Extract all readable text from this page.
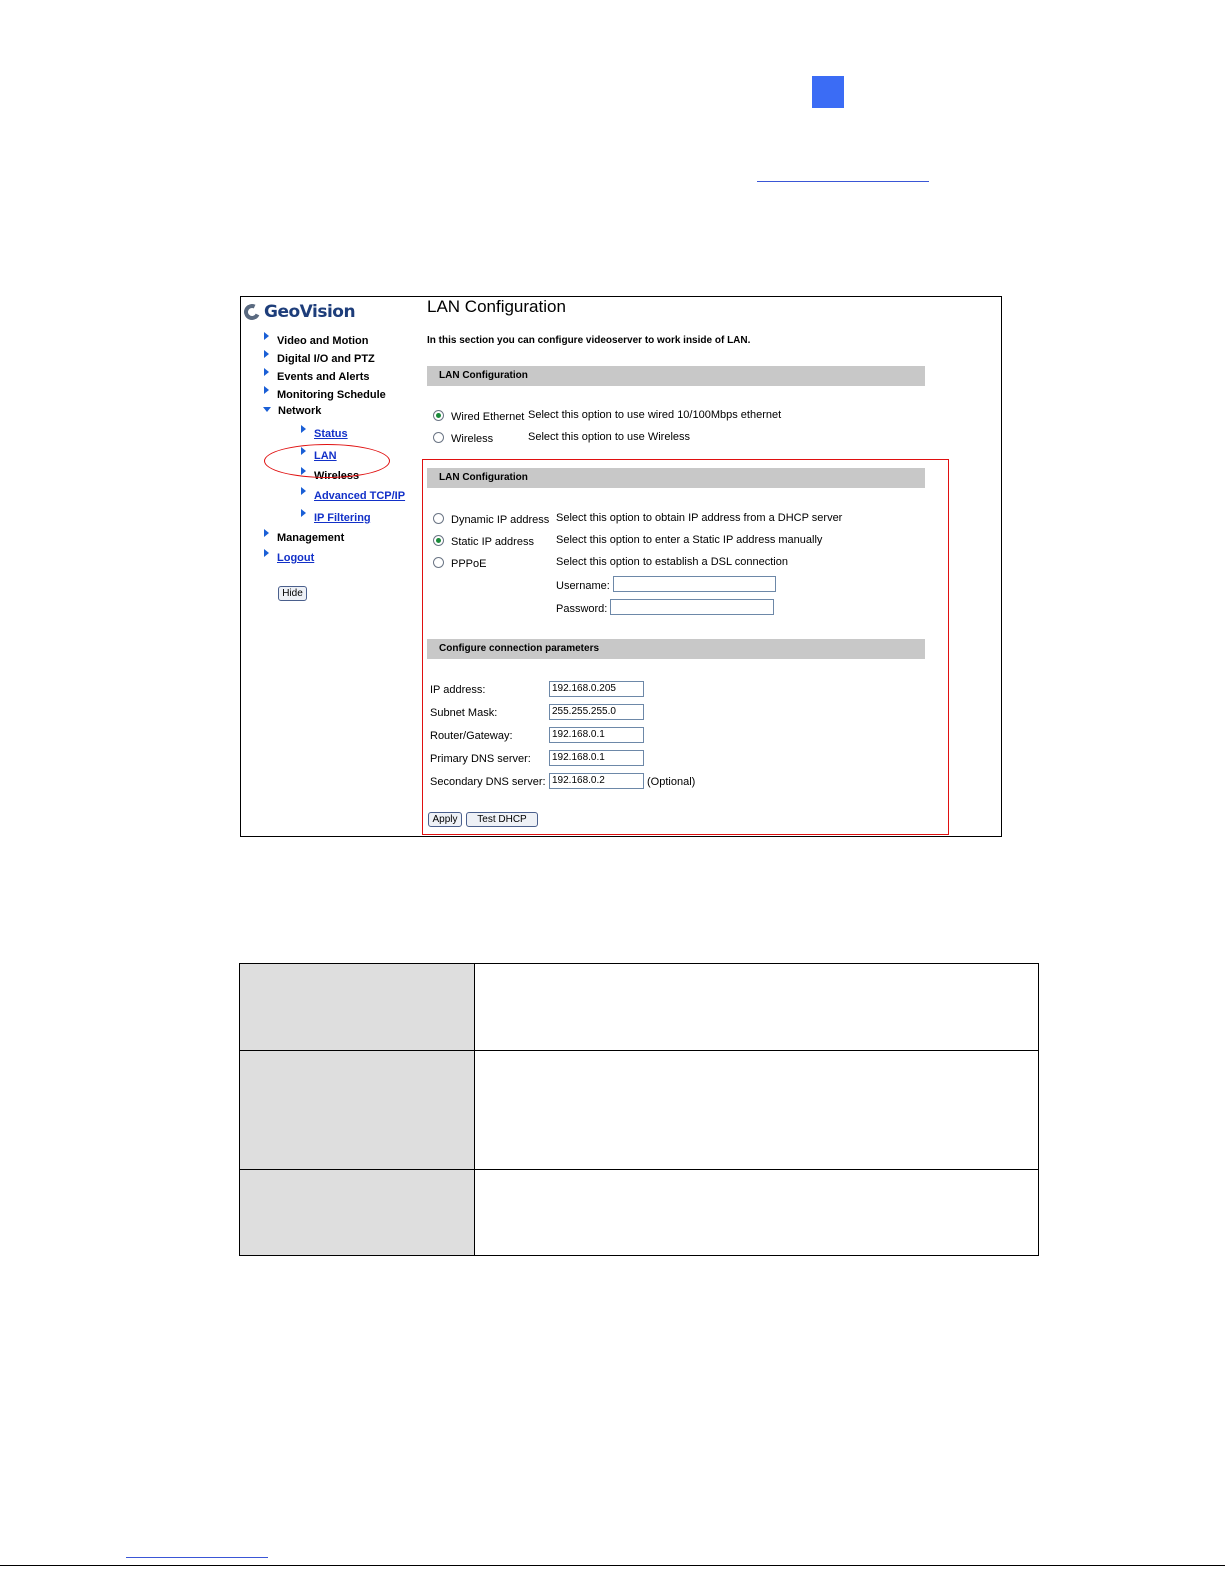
GeoVision
Video and Motion
Digital I/O and PTZ
Events and Alerts
Monitoring Schedule
Network
Status
LAN
Wireless
Advanced TCP/IP
IP Filtering
Management
Logout
Hide
LAN Configuration
In this section you can configure videoserver to work inside of LAN.
LAN Configuration
Wired Ethernet Select this option to use wired 10/100Mbps ethernet
Wireless	Select this option to use Wireless
LAN Configuration
Dynamic IP address Select this option to obtain IP address from a DHCP server
Static IP address Select this option to enter a Static IP address manually
PPPoE	Select this option to establish a DSL connection
Username:
Password:
Configure connection parameters
IP address:	192.168.0.205
Subnet Mask:	255.255.255.0
Router/Gateway:	192.168.0.1
Primary DNS server:	192.168.0.1
Secondary DNS server: 192.168.0.2	(Optional)
Apply	Test DHCP
